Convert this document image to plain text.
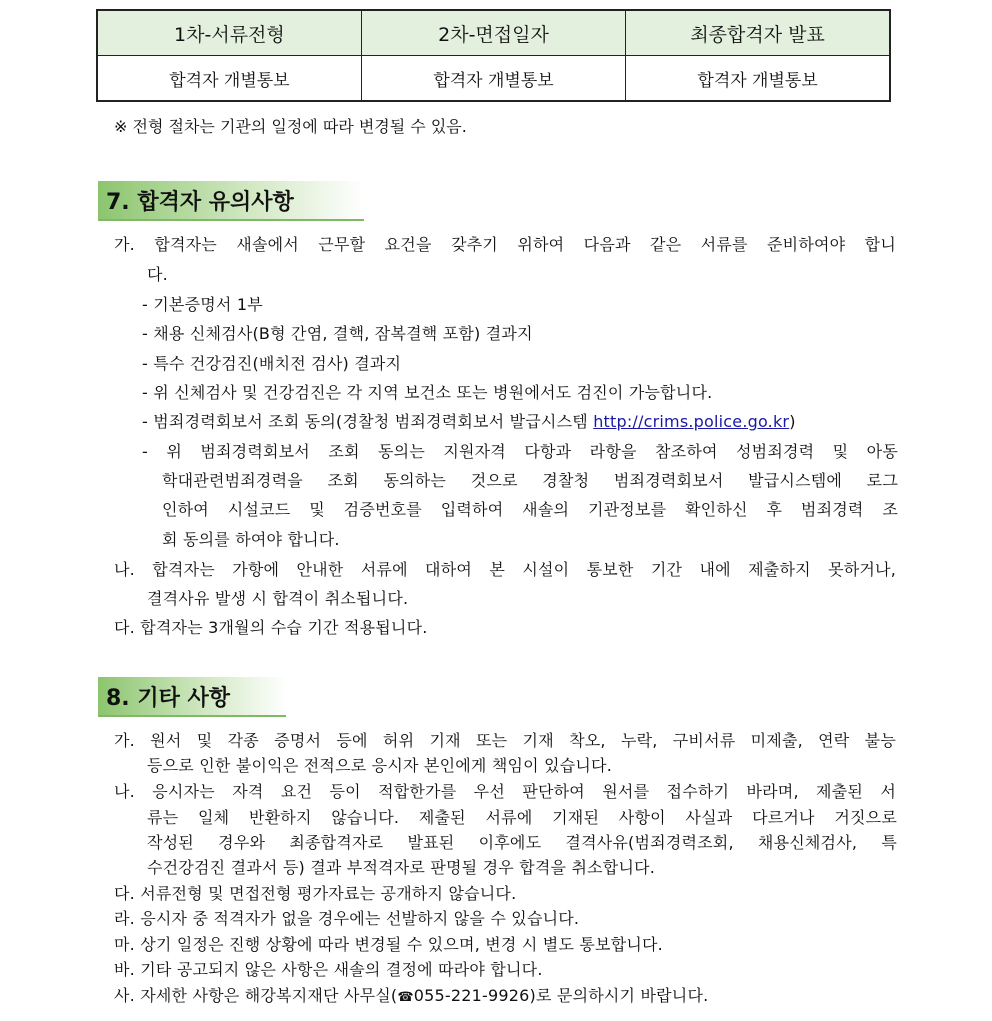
1차-서류전형	2차-면접일자	최종합격자 발표
합격자 개별통보	합격자 개별통보	합격자 개별통보
※ 전형 절차는 기관의 일정에 따라 변경될 수 있음.
7. 합격자 유의사항
가. 합격자는 새솔에서 근무할 요건을 갖추기 위하여 다음과 같은 서류를 준비하여야 합니
다.
- 기본증명서 1부
- 채용 신체검사(B형 간염, 결핵, 잠복결핵 포함) 결과지
- 특수 건강검진(배치전 검사) 결과지
- 위 신체검사 및 건강검진은 각 지역 보건소 또는 병원에서도 검진이 가능합니다.
- 범죄경력회보서 조회 동의(경찰청 범죄경력회보서 발급시스템 http://crims.police.go.kr)
- 위 범죄경력회보서 조회 동의는 지원자격 다항과 라항을 참조하여 성범죄경력 및 아동
학대관련범죄경력을 조회 동의하는 것으로 경찰청 범죄경력회보서 발급시스템에 로그
인하여 시설코드 및 검증번호를 입력하여 새솔의 기관정보를 확인하신 후 범죄경력 조
회 동의를 하여야 합니다.
나. 합격자는 가항에 안내한 서류에 대하여 본 시설이 통보한 기간 내에 제출하지 못하거나,
결격사유 발생 시 합격이 취소됩니다.
다. 합격자는 3개월의 수습 기간 적용됩니다.
8. 기타 사항
가. 원서 및 각종 증명서 등에 허위 기재 또는 기재 착오, 누락, 구비서류 미제출, 연락 불능
등으로 인한 불이익은 전적으로 응시자 본인에게 책임이 있습니다.
나. 응시자는 자격 요건 등이 적합한가를 우선 판단하여 원서를 접수하기 바라며, 제출된 서
류는 일체 반환하지 않습니다. 제출된 서류에 기재된 사항이 사실과 다르거나 거짓으로
작성된 경우와 최종합격자로 발표된 이후에도 결격사유(범죄경력조회, 채용신체검사, 특
수건강검진 결과서 등) 결과 부적격자로 판명될 경우 합격을 취소합니다.
다. 서류전형 및 면접전형 평가자료는 공개하지 않습니다.
라. 응시자 중 적격자가 없을 경우에는 선발하지 않을 수 있습니다.
마. 상기 일정은 진행 상황에 따라 변경될 수 있으며, 변경 시 별도 통보합니다.
바. 기타 공고되지 않은 사항은 새솔의 결정에 따라야 합니다.
사. 자세한 사항은 해강복지재단 사무실(☎055-221-9926)로 문의하시기 바랍니다.
